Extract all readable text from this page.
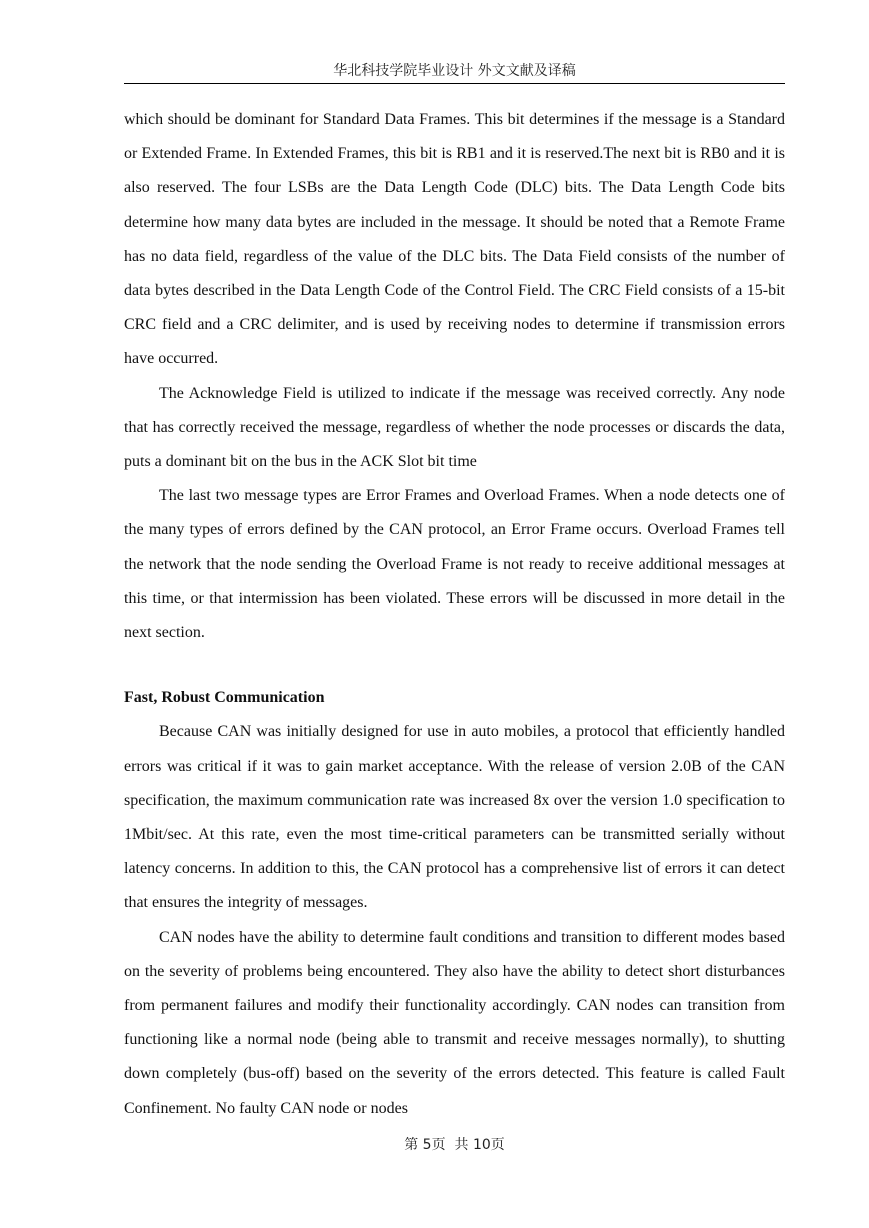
华北科技学院毕业设计 外文文献及译稿

which should be dominant for Standard Data Frames. This bit determines if the message is a Standard or Extended Frame. In Extended Frames, this bit is RB1 and it is reserved.The next bit is RB0 and it is also reserved. The four LSBs are the Data Length Code (DLC) bits. The Data Length Code bits determine how many data bytes are included in the message. It should be noted that a Remote Frame has no data field, regardless of the value of the DLC bits. The Data Field consists of the number of data bytes described in the Data Length Code of the Control Field. The CRC Field consists of a 15-bit CRC field and a CRC delimiter, and is used by receiving nodes to determine if transmission errors have occurred.

The Acknowledge Field is utilized to indicate if the message was received correctly. Any node that has correctly received the message, regardless of whether the node processes or discards the data, puts a dominant bit on the bus in the ACK Slot bit time

The last two message types are Error Frames and Overload Frames. When a node detects one of the many types of errors defined by the CAN protocol, an Error Frame occurs. Overload Frames tell the network that the node sending the Overload Frame is not ready to receive additional messages at this time, or that intermission has been violated. These errors will be discussed in more detail in the next section.

Fast, Robust Communication

Because CAN was initially designed for use in auto mobiles, a protocol that efficiently handled errors was critical if it was to gain market acceptance. With the release of version 2.0B of the CAN specification, the maximum communication rate was increased 8x over the version 1.0 specification to 1Mbit/sec. At this rate, even the most time-critical parameters can be transmitted serially without latency concerns. In addition to this, the CAN protocol has a comprehensive list of errors it can detect that ensures the integrity of messages.

CAN nodes have the ability to determine fault conditions and transition to different modes based on the severity of problems being encountered. They also have the ability to detect short disturbances from permanent failures and modify their functionality accordingly. CAN nodes can transition from functioning like a normal node (being able to transmit and receive messages normally), to shutting down completely (bus-off) based on the severity of the errors detected. This feature is called Fault Confinement. No faulty CAN node or nodes

第 5页  共 10页
